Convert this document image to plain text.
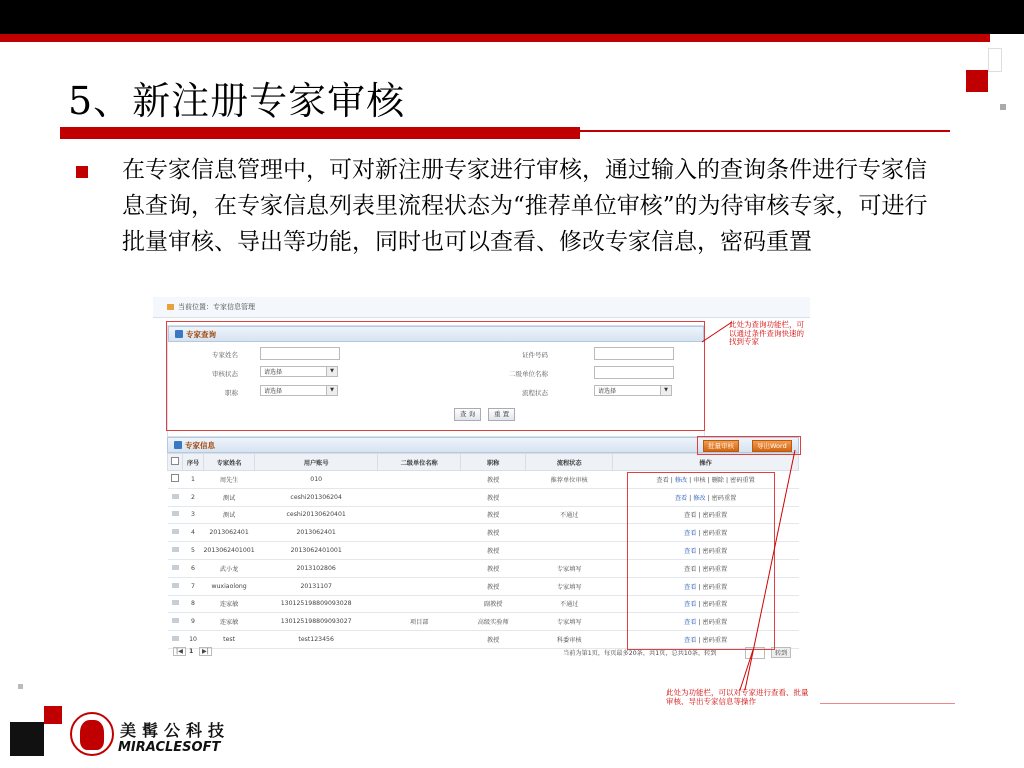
5、新注册专家审核
在专家信息管理中，可对新注册专家进行审核，通过输入的查询条件进行专家信息查询，在专家信息列表里流程状态为“推荐单位审核”的为待审核专家，可进行批量审核、导出等功能，同时也可以查看、修改专家信息，密码重置
当前位置：专家信息管理
专家查询
专家姓名
审核状态	请选择	▼
职称	请选择	▼
证件号码
二级单位名称
流程状态	请选择	▼
查 询	重 置
专家信息	批量审核	导出Word
	序号	专家姓名	用户账号	二级单位名称	职称	流程状态	操作
	1	周先生	010		教授	推荐单位审核	查看 | 修改 | 审核 | 删除 | 密码重置
	2	测试	ceshi201306204		教授		查看 | 修改 | 密码重置
	3	测试	ceshi20130620401		教授	不通过	查看 | 密码重置
	4	2013062401	2013062401		教授		查看 | 密码重置
	5	2013062401001	2013062401001		教授		查看 | 密码重置
	6	武小龙	2013102806		教授	专家填写	查看 | 密码重置
	7	wuxiaolong	20131107		教授	专家填写	查看 | 密码重置
	8	连家敏	130125198809093028		副教授	不通过	查看 | 密码重置
	9	连家敏	130125198809093027	项目部	高级实验师	专家填写	查看 | 密码重置
	10	test	test123456		教授	科委审核	查看 | 密码重置
|◀ 1	▶|	当前为第1页，每页最多20条，共1页，总共10条，转到	转到
此处为查询功能栏，可以通过条件查询快速的找到专家
此处为功能栏，可以对专家进行查看、批量审核、导出专家信息等操作
美髯公科技
MIRACLESOFT
